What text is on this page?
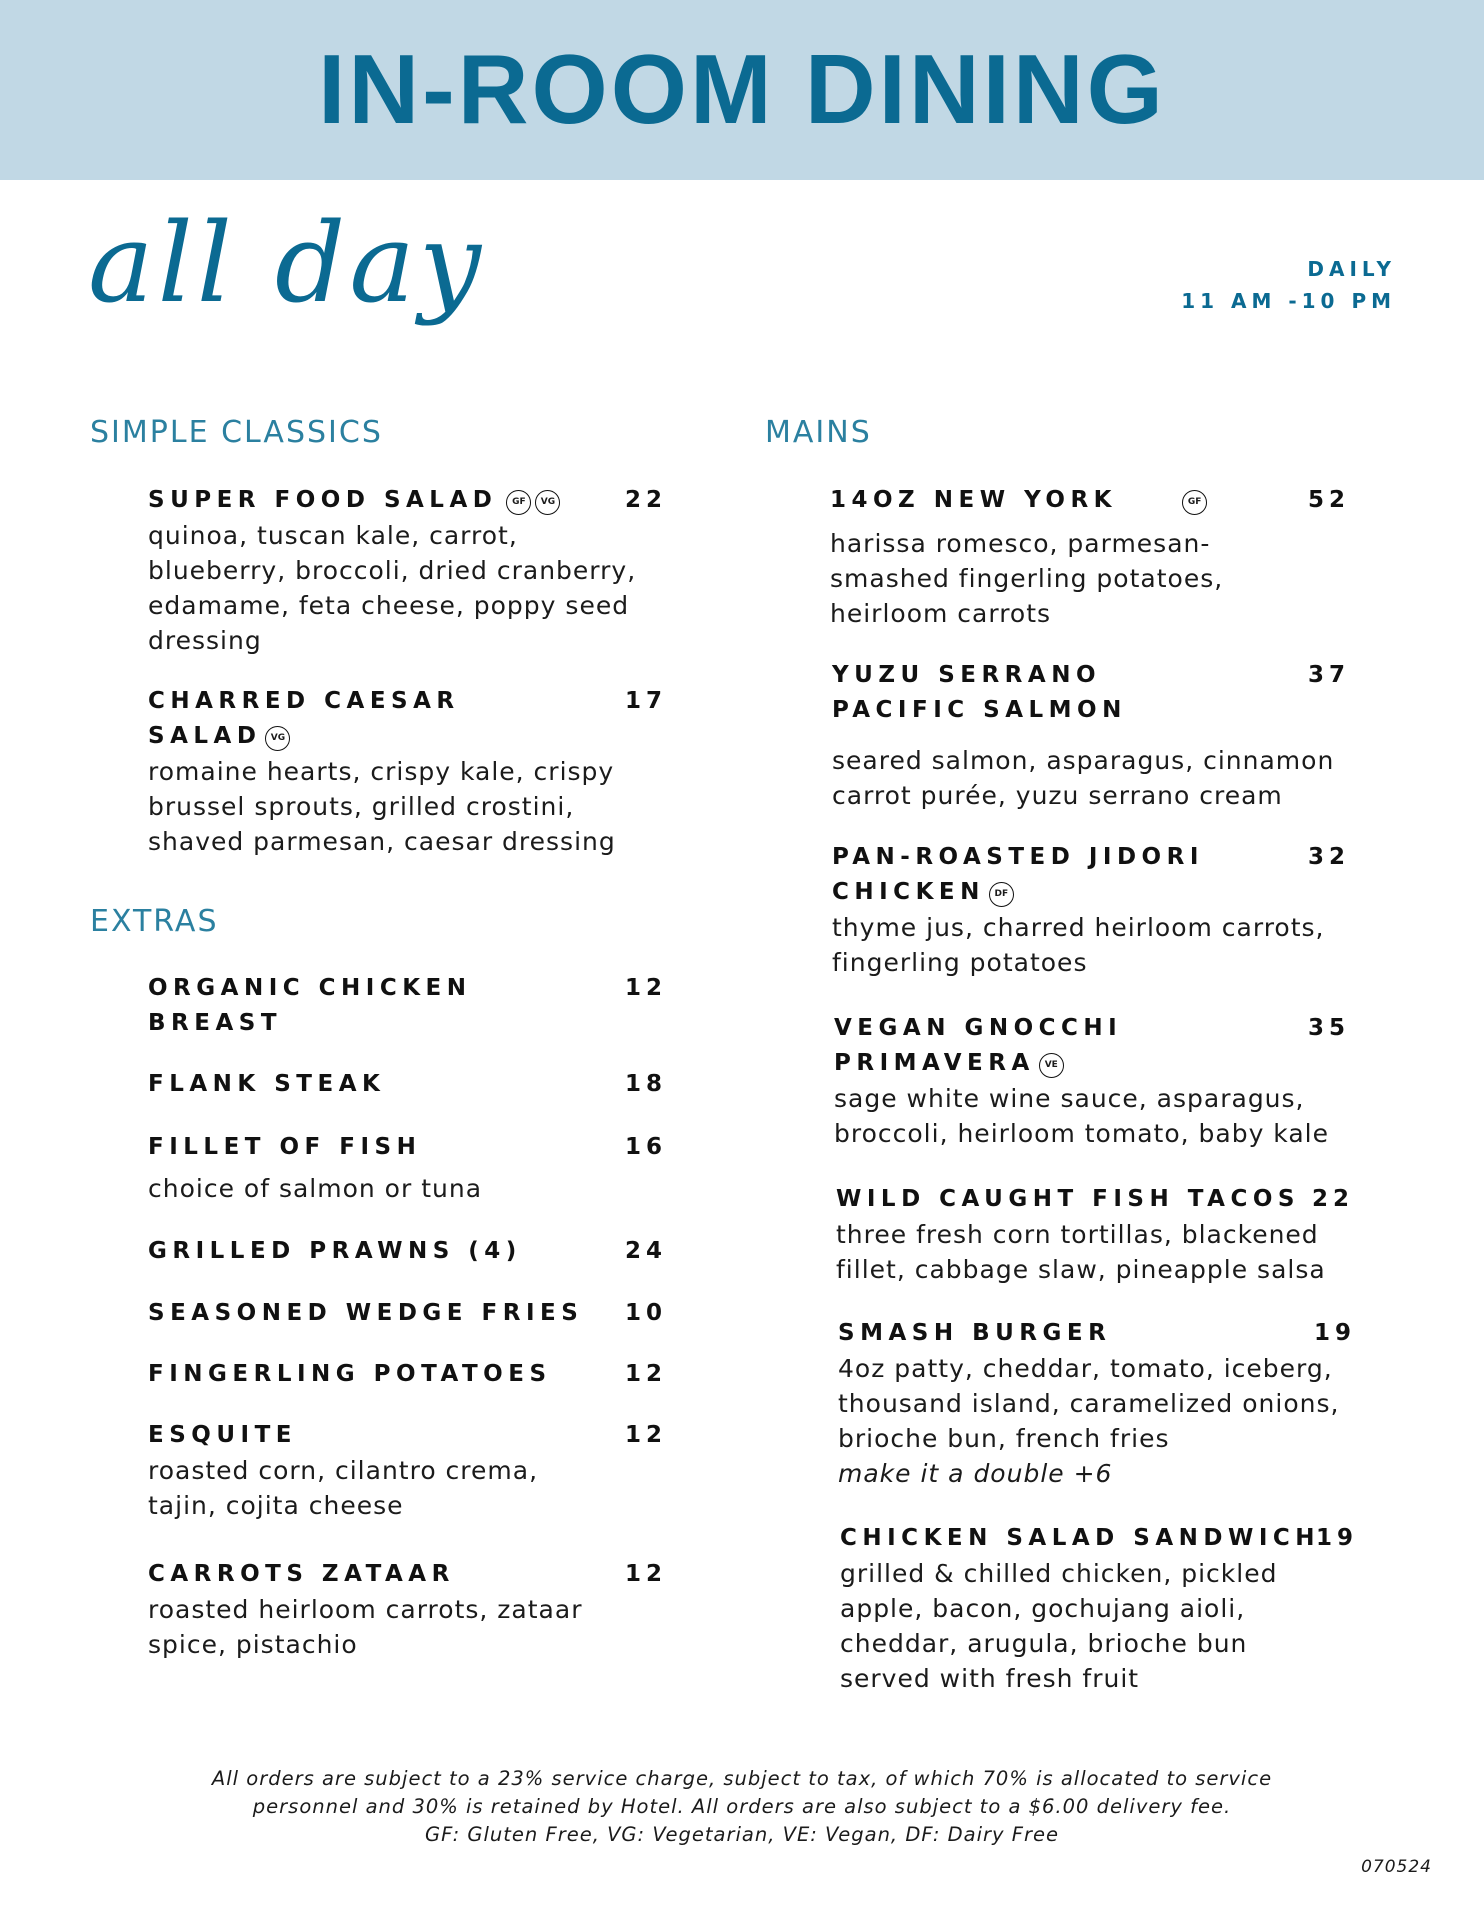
IN-ROOM DINING
all day	DAILY
11 AM -10 PM
SIMPLE CLASSICS
SUPER FOOD SALAD GF VG	22
quinoa, tuscan kale, carrot,
blueberry, broccoli, dried cranberry,
edamame, feta cheese, poppy seed
dressing
CHARRED CAESAR
SALAD VG
17
romaine hearts, crispy kale, crispy
brussel sprouts, grilled crostini,
shaved parmesan, caesar dressing
EXTRAS
ORGANIC CHICKEN
BREAST
12
FLANK STEAK	18
FILLET OF FISH	16
choice of salmon or tuna
GRILLED PRAWNS (4)	24
SEASONED WEDGE FRIES 10
FINGERLING POTATOES	12
ESQUITE	12
roasted corn, cilantro crema,
tajin, cojita cheese
CARROTS ZATAAR	12
roasted heirloom carrots, zataar
spice, pistachio
MAINS
14OZ NEW YORK	GF	52
harissa romesco, parmesan-
smashed fingerling potatoes,
heirloom carrots
YUZU SERRANO
PACIFIC SALMON
37
seared salmon, asparagus, cinnamon
carrot purée, yuzu serrano cream
PAN-ROASTED JIDORI
CHICKEN DF
32
thyme jus, charred heirloom carrots,
fingerling potatoes
VEGAN GNOCCHI
PRIMAVERA VE
35
sage white wine sauce, asparagus,
broccoli, heirloom tomato, baby kale
WILD CAUGHT FISH TACOS 22
three fresh corn tortillas, blackened
fillet, cabbage slaw, pineapple salsa
SMASH BURGER	19
4oz patty, cheddar, tomato, iceberg,
thousand island, caramelized onions,
brioche bun, french fries
make it a double +6
CHICKEN SALAD SANDWICH
19
grilled & chilled chicken, pickled
apple, bacon, gochujang aioli,
cheddar, arugula, brioche bun
served with fresh fruit
All orders are subject to a 23% service charge, subject to tax, of which 70% is allocated to service
personnel and 30% is retained by Hotel. All orders are also subject to a $6.00 delivery fee.
GF: Gluten Free, VG: Vegetarian, VE: Vegan, DF: Dairy Free
070524
